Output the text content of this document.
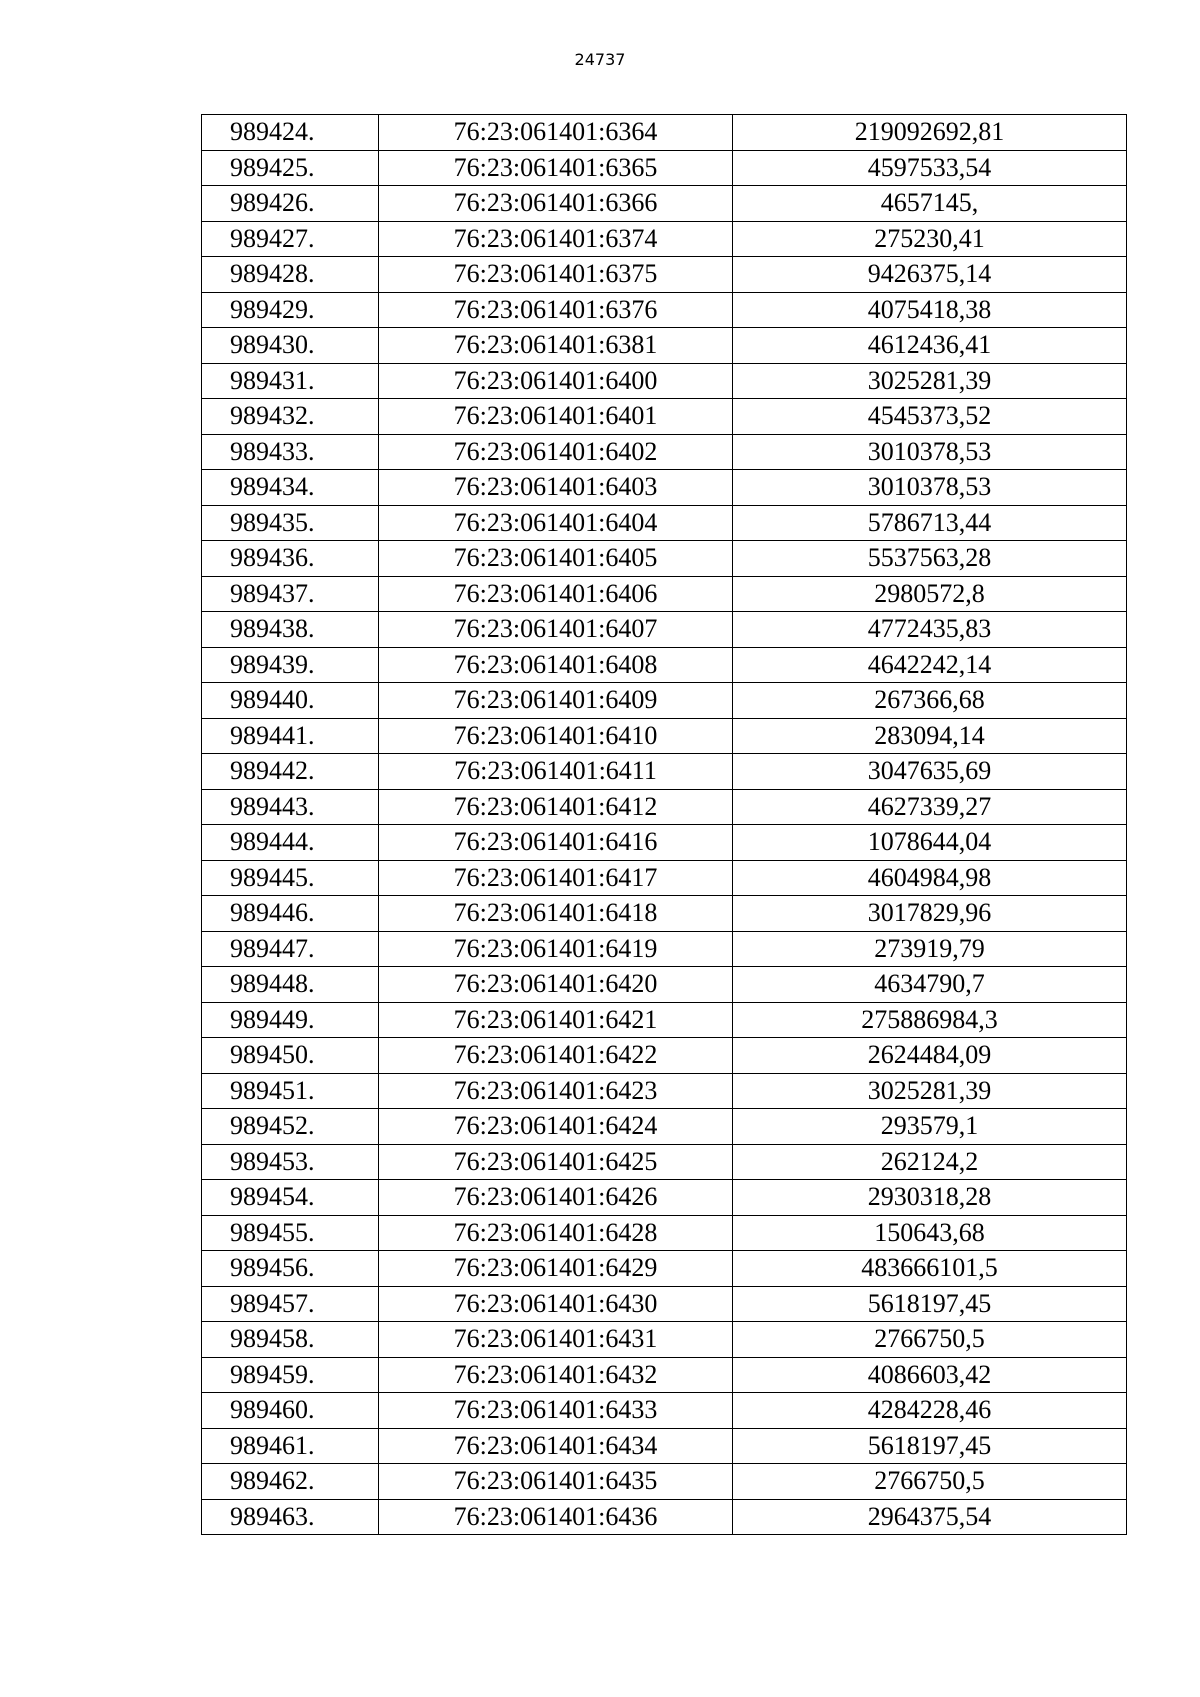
24737
989424.	76:23:061401:6364	219092692,81
989425.	76:23:061401:6365	4597533,54
989426.	76:23:061401:6366	4657145,
989427.	76:23:061401:6374	275230,41
989428.	76:23:061401:6375	9426375,14
989429.	76:23:061401:6376	4075418,38
989430.	76:23:061401:6381	4612436,41
989431.	76:23:061401:6400	3025281,39
989432.	76:23:061401:6401	4545373,52
989433.	76:23:061401:6402	3010378,53
989434.	76:23:061401:6403	3010378,53
989435.	76:23:061401:6404	5786713,44
989436.	76:23:061401:6405	5537563,28
989437.	76:23:061401:6406	2980572,8
989438.	76:23:061401:6407	4772435,83
989439.	76:23:061401:6408	4642242,14
989440.	76:23:061401:6409	267366,68
989441.	76:23:061401:6410	283094,14
989442.	76:23:061401:6411	3047635,69
989443.	76:23:061401:6412	4627339,27
989444.	76:23:061401:6416	1078644,04
989445.	76:23:061401:6417	4604984,98
989446.	76:23:061401:6418	3017829,96
989447.	76:23:061401:6419	273919,79
989448.	76:23:061401:6420	4634790,7
989449.	76:23:061401:6421	275886984,3
989450.	76:23:061401:6422	2624484,09
989451.	76:23:061401:6423	3025281,39
989452.	76:23:061401:6424	293579,1
989453.	76:23:061401:6425	262124,2
989454.	76:23:061401:6426	2930318,28
989455.	76:23:061401:6428	150643,68
989456.	76:23:061401:6429	483666101,5
989457.	76:23:061401:6430	5618197,45
989458.	76:23:061401:6431	2766750,5
989459.	76:23:061401:6432	4086603,42
989460.	76:23:061401:6433	4284228,46
989461.	76:23:061401:6434	5618197,45
989462.	76:23:061401:6435	2766750,5
989463.	76:23:061401:6436	2964375,54
